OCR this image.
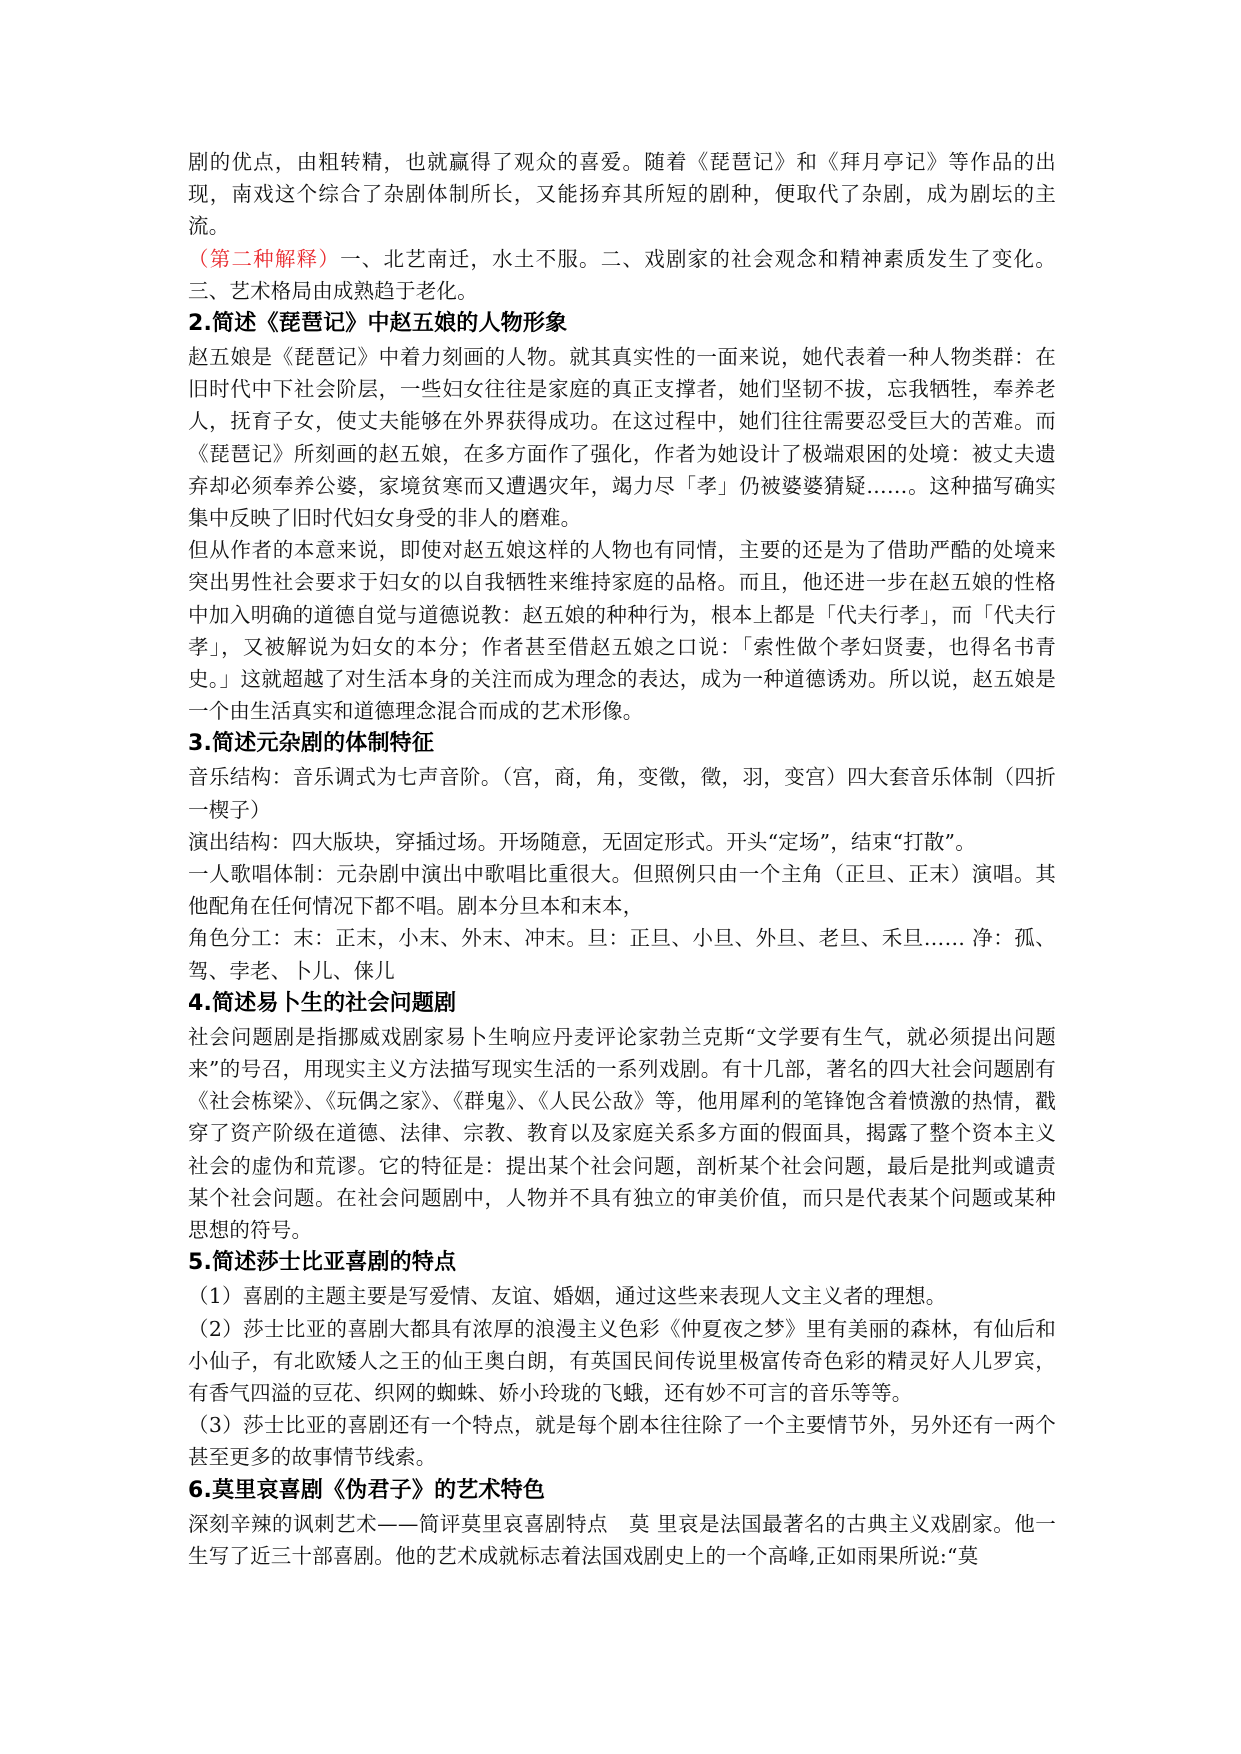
剧的优点，由粗转精，也就赢得了观众的喜爱。随着《琵琶记》和《拜月亭记》等作品的出现，南戏这个综合了杂剧体制所长，又能扬弃其所短的剧种，便取代了杂剧，成为剧坛的主流。

（第二种解释）一、北艺南迁，水土不服。二、戏剧家的社会观念和精神素质发生了变化。三、艺术格局由成熟趋于老化。

2.简述《琵琶记》中赵五娘的人物形象

赵五娘是《琵琶记》中着力刻画的人物。就其真实性的一面来说，她代表着一种人物类群：在旧时代中下社会阶层，一些妇女往往是家庭的真正支撑者，她们坚韧不拔，忘我牺牲，奉养老人，抚育子女，使丈夫能够在外界获得成功。在这过程中，她们往往需要忍受巨大的苦难。而《琵琶记》所刻画的赵五娘，在多方面作了强化，作者为她设计了极端艰困的处境：被丈夫遗弃却必须奉养公婆，家境贫寒而又遭遇灾年，竭力尽「孝」仍被婆婆猜疑……。这种描写确实集中反映了旧时代妇女身受的非人的磨难。

但从作者的本意来说，即使对赵五娘这样的人物也有同情，主要的还是为了借助严酷的处境来突出男性社会要求于妇女的以自我牺牲来维持家庭的品格。而且，他还进一步在赵五娘的性格中加入明确的道德自觉与道德说教：赵五娘的种种行为，根本上都是「代夫行孝」，而「代夫行孝」，又被解说为妇女的本分；作者甚至借赵五娘之口说：「索性做个孝妇贤妻，也得名书青史。」这就超越了对生活本身的关注而成为理念的表达，成为一种道德诱劝。所以说，赵五娘是一个由生活真实和道德理念混合而成的艺术形像。

3.简述元杂剧的体制特征

音乐结构：音乐调式为七声音阶。（宫，商，角，变徵，徵，羽，变宫）四大套音乐体制（四折一楔子）

演出结构：四大版块，穿插过场。开场随意，无固定形式。开头“定场”，结束“打散”。

一人歌唱体制：元杂剧中演出中歌唱比重很大。但照例只由一个主角（正旦、正末）演唱。其他配角在任何情况下都不唱。剧本分旦本和末本，

角色分工：末：正末，小末、外末、冲末。旦：正旦、小旦、外旦、老旦、禾旦…… 净：孤、驾、孛老、卜儿、俫儿

4.简述易卜生的社会问题剧

社会问题剧是指挪威戏剧家易卜生响应丹麦评论家勃兰克斯“文学要有生气，就必须提出问题来”的号召，用现实主义方法描写现实生活的一系列戏剧。有十几部，著名的四大社会问题剧有《社会栋梁》、《玩偶之家》、《群鬼》、《人民公敌》等，他用犀利的笔锋饱含着愤激的热情，戳穿了资产阶级在道德、法律、宗教、教育以及家庭关系多方面的假面具，揭露了整个资本主义社会的虚伪和荒谬。它的特征是：提出某个社会问题，剖析某个社会问题，最后是批判或谴责某个社会问题。在社会问题剧中，人物并不具有独立的审美价值，而只是代表某个问题或某种思想的符号。

5.简述莎士比亚喜剧的特点

（1）喜剧的主题主要是写爱情、友谊、婚姻，通过这些来表现人文主义者的理想。

（2）莎士比亚的喜剧大都具有浓厚的浪漫主义色彩《仲夏夜之梦》里有美丽的森林，有仙后和小仙子，有北欧矮人之王的仙王奥白朗，有英国民间传说里极富传奇色彩的精灵好人儿罗宾，有香气四溢的豆花、织网的蜘蛛、娇小玲珑的飞蛾，还有妙不可言的音乐等等。

（3）莎士比亚的喜剧还有一个特点，就是每个剧本往往除了一个主要情节外，另外还有一两个甚至更多的故事情节线索。

6.莫里哀喜剧《伪君子》的艺术特色

深刻辛辣的讽刺艺术——简评莫里哀喜剧特点　莫 里哀是法国最著名的古典主义戏剧家。他一生写了近三十部喜剧。他的艺术成就标志着法国戏剧史上的一个高峰,正如雨果所说:“莫
